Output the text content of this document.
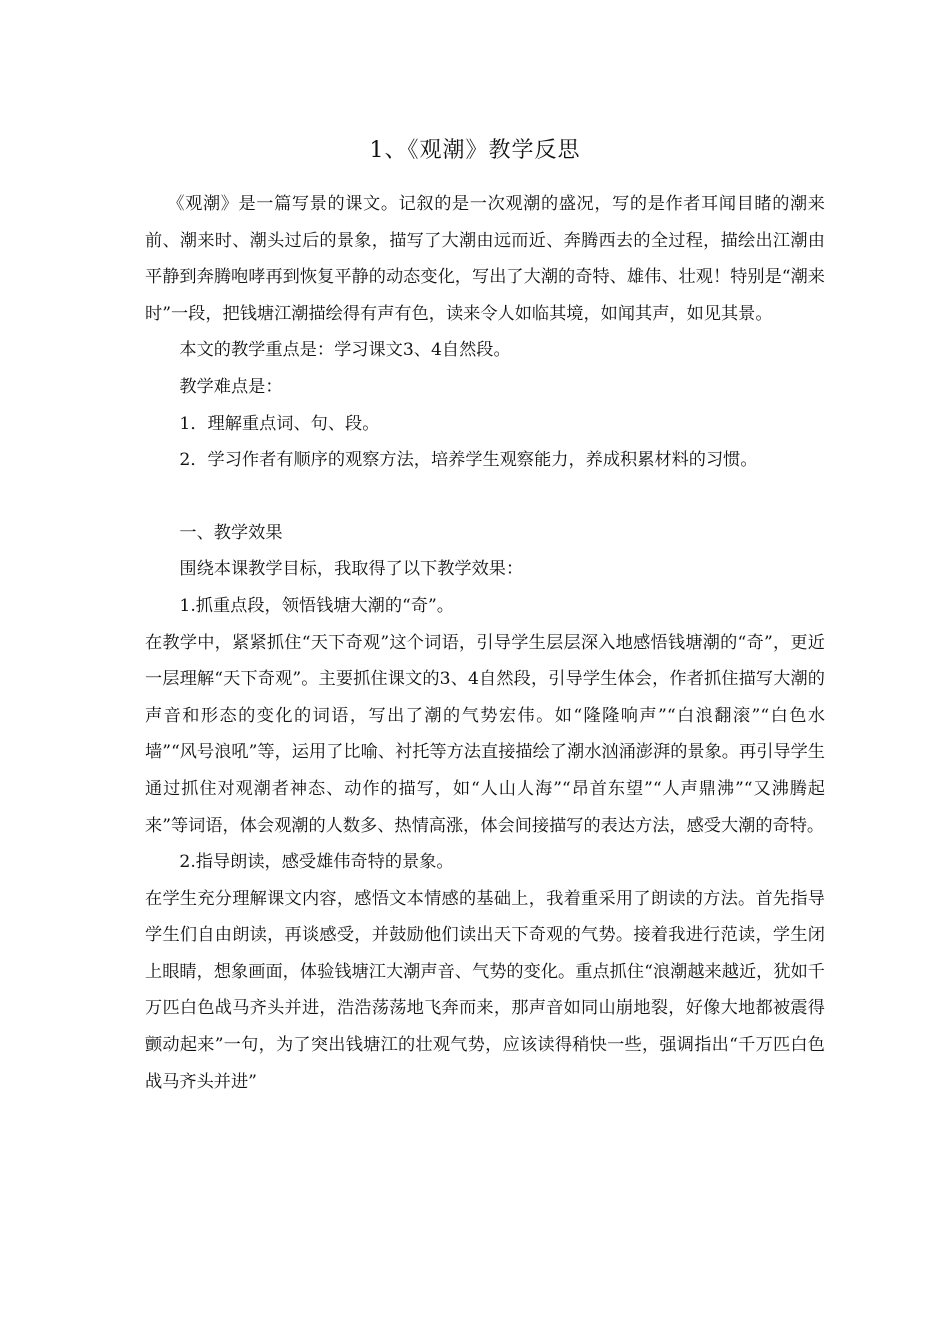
1、《观潮》教学反思

《观潮》是一篇写景的课文。记叙的是一次观潮的盛况，写的是作者耳闻目睹的潮来前、潮来时、潮头过后的景象，描写了大潮由远而近、奔腾西去的全过程，描绘出江潮由平静到奔腾咆哮再到恢复平静的动态变化，写出了大潮的奇特、雄伟、壮观！特别是“潮来时”一段，把钱塘江潮描绘得有声有色，读来令人如临其境，如闻其声，如见其景。

本文的教学重点是：学习课文3、4自然段。

教学难点是：

1．理解重点词、句、段。

2．学习作者有顺序的观察方法，培养学生观察能力，养成积累材料的习惯。

一、教学效果

围绕本课教学目标，我取得了以下教学效果：

1.抓重点段，领悟钱塘大潮的“奇”。

在教学中，紧紧抓住“天下奇观”这个词语，引导学生层层深入地感悟钱塘潮的“奇”，更近一层理解“天下奇观”。主要抓住课文的3、4自然段，引导学生体会，作者抓住描写大潮的声音和形态的变化的词语，写出了潮的气势宏伟。如“隆隆响声”“白浪翻滚”“白色水墙”“风号浪吼”等，运用了比喻、衬托等方法直接描绘了潮水汹涌澎湃的景象。再引导学生通过抓住对观潮者神态、动作的描写，如“人山人海”“昂首东望”“人声鼎沸”“又沸腾起来”等词语，体会观潮的人数多、热情高涨，体会间接描写的表达方法，感受大潮的奇特。

2.指导朗读，感受雄伟奇特的景象。

在学生充分理解课文内容，感悟文本情感的基础上，我着重采用了朗读的方法。首先指导学生们自由朗读，再谈感受，并鼓励他们读出天下奇观的气势。接着我进行范读，学生闭上眼睛，想象画面，体验钱塘江大潮声音、气势的变化。重点抓住“浪潮越来越近，犹如千万匹白色战马齐头并进，浩浩荡荡地飞奔而来，那声音如同山崩地裂，好像大地都被震得颤动起来”一句，为了突出钱塘江的壮观气势，应该读得稍快一些，强调指出“千万匹白色战马齐头并进”
